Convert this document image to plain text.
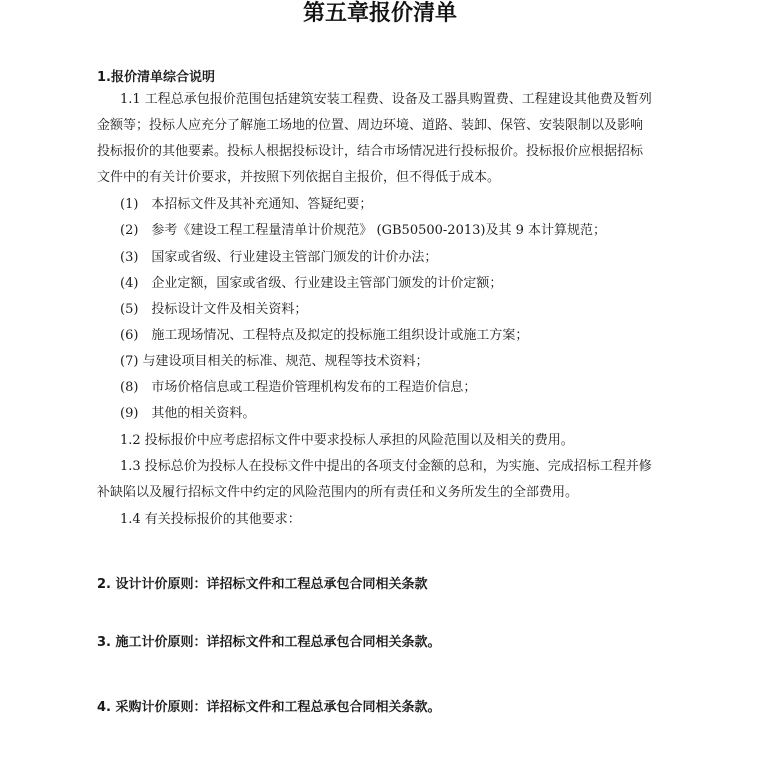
第五章报价清单
1.报价清单综合说明
1.1 工程总承包报价范围包括建筑安装工程费、设备及工器具购置费、工程建设其他费及暂列
金额等；投标人应充分了解施工场地的位置、周边环境、道路、装卸、保管、安装限制以及影响
投标报价的其他要素。投标人根据投标设计，结合市场情况进行投标报价。投标报价应根据招标
文件中的有关计价要求，并按照下列依据自主报价，但不得低于成本。
(1)　本招标文件及其补充通知、答疑纪要；
(2)　参考《建设工程工程量清单计价规范》 (GB50500-2013)及其 9 本计算规范；
(3)　国家或省级、行业建设主管部门颁发的计价办法；
(4)　企业定额，国家或省级、行业建设主管部门颁发的计价定额；
(5)　投标设计文件及相关资料；
(6)　施工现场情况、工程特点及拟定的投标施工组织设计或施工方案；
(7) 与建设项目相关的标准、规范、规程等技术资料；
(8)　市场价格信息或工程造价管理机构发布的工程造价信息；
(9)　其他的相关资料。
1.2 投标报价中应考虑招标文件中要求投标人承担的风险范围以及相关的费用。
1.3 投标总价为投标人在投标文件中提出的各项支付金额的总和，为实施、完成招标工程并修
补缺陷以及履行招标文件中约定的风险范围内的所有责任和义务所发生的全部费用。
1.4 有关投标报价的其他要求：
2. 设计计价原则：详招标文件和工程总承包合同相关条款
3. 施工计价原则：详招标文件和工程总承包合同相关条款。
4. 采购计价原则：详招标文件和工程总承包合同相关条款。
